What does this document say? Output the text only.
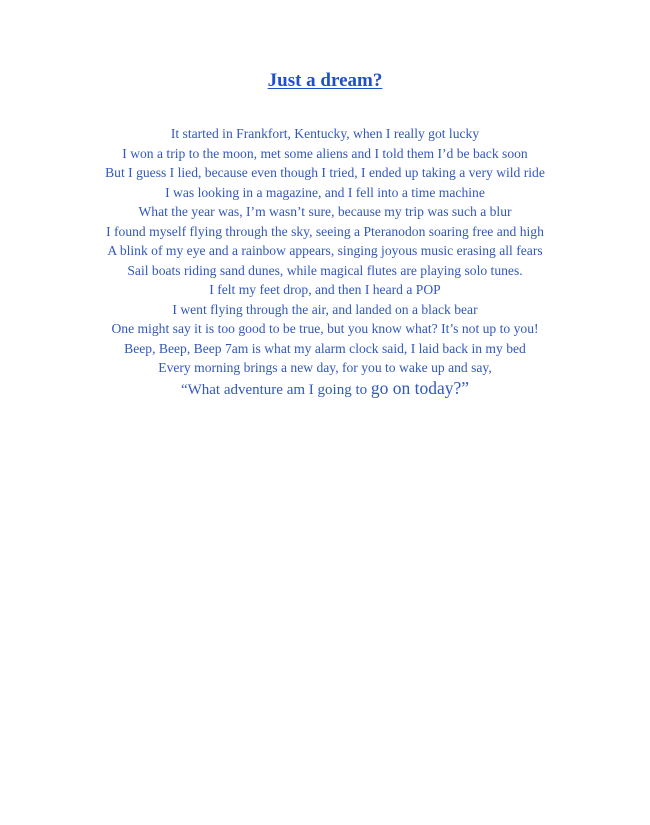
Just a dream?
It started in Frankfort, Kentucky, when I really got lucky
I won a trip to the moon, met some aliens and I told them I’d be back soon
But I guess I lied, because even though I tried, I ended up taking a very wild ride
I was looking in a magazine, and I fell into a time machine
What the year was, I’m wasn’t sure, because my trip was such a blur
I found myself flying through the sky, seeing a Pteranodon soaring free and high
A blink of my eye and a rainbow appears, singing joyous music erasing all fears
Sail boats riding sand dunes, while magical flutes are playing solo tunes.
I felt my feet drop, and then I heard a POP
I went flying through the air, and landed on a black bear
One might say it is too good to be true, but you know what? It’s not up to you!
Beep, Beep, Beep 7am is what my alarm clock said, I laid back in my bed
Every morning brings a new day, for you to wake up and say,
“What adventure am I going to go on today?”
